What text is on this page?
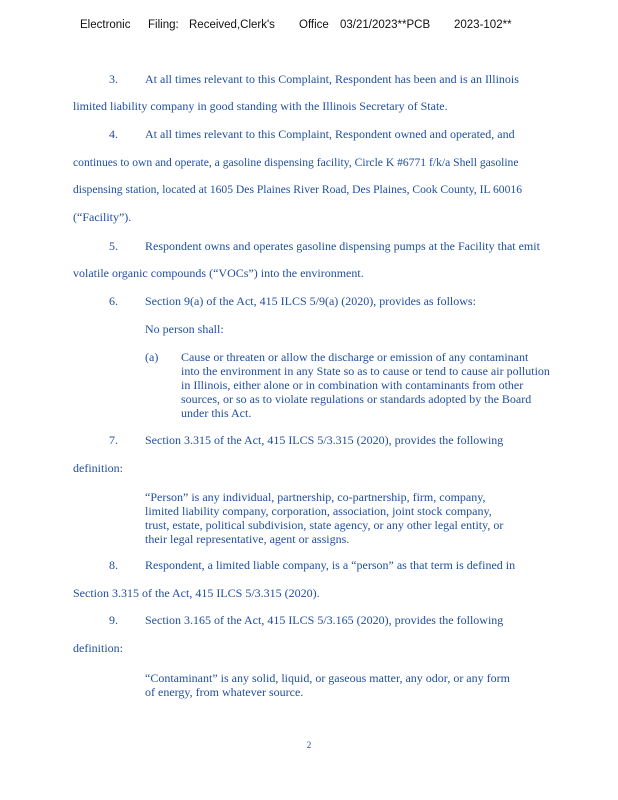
Electronic Filing: Received,Clerk's Office 03/21/2023**PCB 2023-102**
3. At all times relevant to this Complaint, Respondent has been and is an Illinois
limited liability company in good standing with the Illinois Secretary of State.
4. At all times relevant to this Complaint, Respondent owned and operated, and
continues to own and operate, a gasoline dispensing facility, Circle K #6771 f/k/a Shell gasoline
dispensing station, located at 1605 Des Plaines River Road, Des Plaines, Cook County, IL 60016
(“Facility”).
5. Respondent owns and operates gasoline dispensing pumps at the Facility that emit
volatile organic compounds (“VOCs”) into the environment.
6. Section 9(a) of the Act, 415 ILCS 5/9(a) (2020), provides as follows:
No person shall:
(a) Cause or threaten or allow the discharge or emission of any contaminant
into the environment in any State so as to cause or tend to cause air pollution
in Illinois, either alone or in combination with contaminants from other
sources, or so as to violate regulations or standards adopted by the Board
under this Act.
7. Section 3.315 of the Act, 415 ILCS 5/3.315 (2020), provides the following
definition:
“Person” is any individual, partnership, co-partnership, firm, company,
limited liability company, corporation, association, joint stock company,
trust, estate, political subdivision, state agency, or any other legal entity, or
their legal representative, agent or assigns.
8. Respondent, a limited liable company, is a “person” as that term is defined in
Section 3.315 of the Act, 415 ILCS 5/3.315 (2020).
9. Section 3.165 of the Act, 415 ILCS 5/3.165 (2020), provides the following
definition:
“Contaminant” is any solid, liquid, or gaseous matter, any odor, or any form
of energy, from whatever source.
2
